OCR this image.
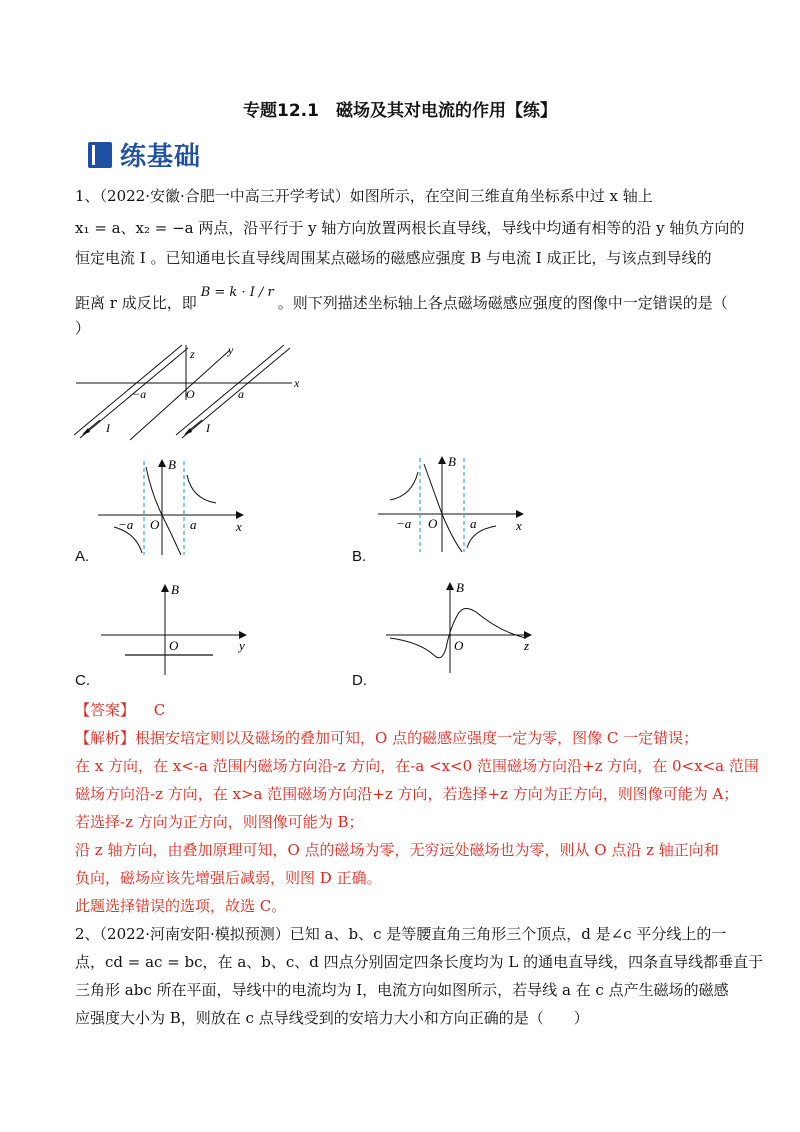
专题12.1　磁场及其对电流的作用【练】
练基础
1、（2022·安徽·合肥一中高三开学考试）如图所示，在空间三维直角坐标系中过 x 轴上
x₁ = a、x₂ = −a 两点，沿平行于 y 轴方向放置两根长直导线，导线中均通有相等的沿 y 轴负方向的
恒定电流 I 。已知通电长直导线周围某点磁场的磁感应强度 B 与电流 I 成正比，与该点到导线的
距离 r 成反比，即
B = k · I / r
。则下列描述坐标轴上各点磁场磁感应强度的图像中一定错误的是（
）
z	y
x
O
−a	a
I	I
B
x
−a O a
A.
B
x
−a O	a
B.
B
y
O
C.
B
z
O
D.
【答案】 C
【解析】根据安培定则以及磁场的叠加可知，O 点的磁感应强度一定为零，图像 C 一定错误；
在 x 方向，在 x<-a 范围内磁场方向沿-z 方向，在-a <x<0 范围磁场方向沿+z 方向，在 0<x<a 范围
磁场方向沿-z 方向，在 x>a 范围磁场方向沿+z 方向，若选择+z 方向为正方向，则图像可能为 A；
若选择-z 方向为正方向，则图像可能为 B；
沿 z 轴方向，由叠加原理可知，O 点的磁场为零，无穷远处磁场也为零，则从 O 点沿 z 轴正向和
负向，磁场应该先增强后减弱，则图 D 正确。
此题选择错误的选项，故选 C。
2、（2022·河南安阳·模拟预测）已知 a、b、c 是等腰直角三角形三个顶点，d 是∠c 平分线上的一
点，cd = ac = bc，在 a、b、c、d 四点分别固定四条长度均为 L 的通电直导线，四条直导线都垂直于
三角形 abc 所在平面，导线中的电流均为 I，电流方向如图所示，若导线 a 在 c 点产生磁场的磁感
应强度大小为 B，则放在 c 点导线受到的安培力大小和方向正确的是（　　）
